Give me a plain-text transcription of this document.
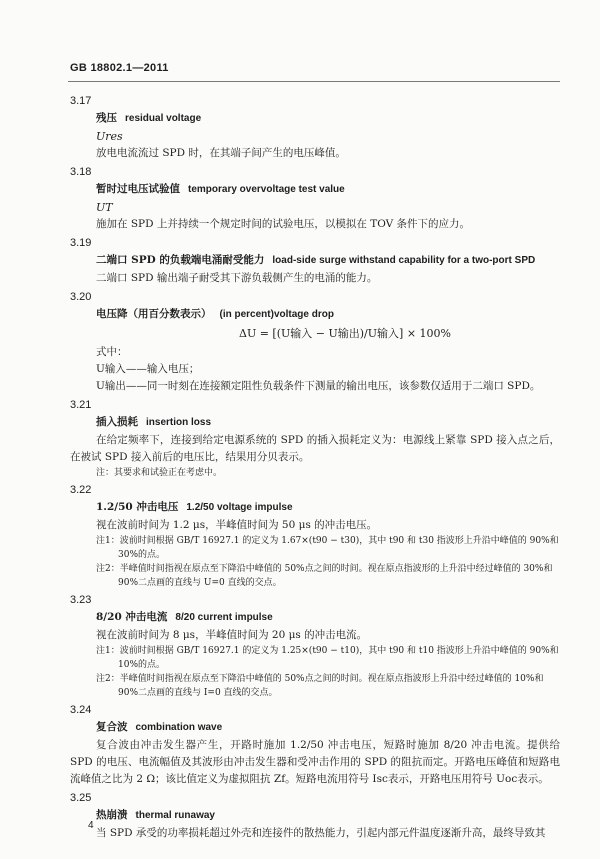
GB 18802.1—2011
3.17
残压 residual voltage
Ures
放电电流流过 SPD 时，在其端子间产生的电压峰值。
3.18
暂时过电压试验值 temporary overvoltage test value
UT
施加在 SPD 上并持续一个规定时间的试验电压，以模拟在 TOV 条件下的应力。
3.19
二端口 SPD 的负载端电涌耐受能力 load-side surge withstand capability for a two-port SPD
二端口 SPD 输出端子耐受其下游负载侧产生的电涌的能力。
3.20
电压降（用百分数表示） (in percent)voltage drop
ΔU = [(U输入 − U输出)/U输入] × 100%
式中：
U输入——输入电压；
U输出——同一时刻在连接额定阻性负载条件下测量的输出电压，该参数仅适用于二端口 SPD。
3.21
插入损耗 insertion loss
在给定频率下，连接到给定电源系统的 SPD 的插入损耗定义为：电源线上紧靠 SPD 接入点之后，在被试 SPD 接入前后的电压比，结果用分贝表示。
注：其要求和试验正在考虑中。
3.22
1.2/50 冲击电压 1.2/50 voltage impulse
视在波前时间为 1.2 μs，半峰值时间为 50 μs 的冲击电压。
注1：波前时间根据 GB/T 16927.1 的定义为 1.67×(t90 − t30)，其中 t90 和 t30 指波形上升沿中峰值的 90%和 30%的点。
注2：半峰值时间指视在原点至下降沿中峰值的 50%点之间的时间。视在原点指波形的上升沿中经过峰值的 30%和 90%二点画的直线与 U=0 直线的交点。
3.23
8/20 冲击电流 8/20 current impulse
视在波前时间为 8 μs，半峰值时间为 20 μs 的冲击电流。
注1：波前时间根据 GB/T 16927.1 的定义为 1.25×(t90 − t10)，其中 t90 和 t10 指波形上升沿中峰值的 90%和 10%的点。
注2：半峰值时间指视在原点至下降沿中峰值的 50%点之间的时间。视在原点指波形上升沿中经过峰值的 10%和 90%二点画的直线与 I=0 直线的交点。
3.24
复合波 combination wave
复合波由冲击发生器产生，开路时施加 1.2/50 冲击电压，短路时施加 8/20 冲击电流。提供给 SPD 的电压、电流幅值及其波形由冲击发生器和受冲击作用的 SPD 的阻抗而定。开路电压峰值和短路电流峰值之比为 2 Ω；该比值定义为虚拟阻抗 Zf。短路电流用符号 Isc表示，开路电压用符号 Uoc表示。
3.25
热崩溃 thermal runaway
当 SPD 承受的功率损耗超过外壳和连接件的散热能力，引起内部元件温度逐渐升高，最终导致其
4
